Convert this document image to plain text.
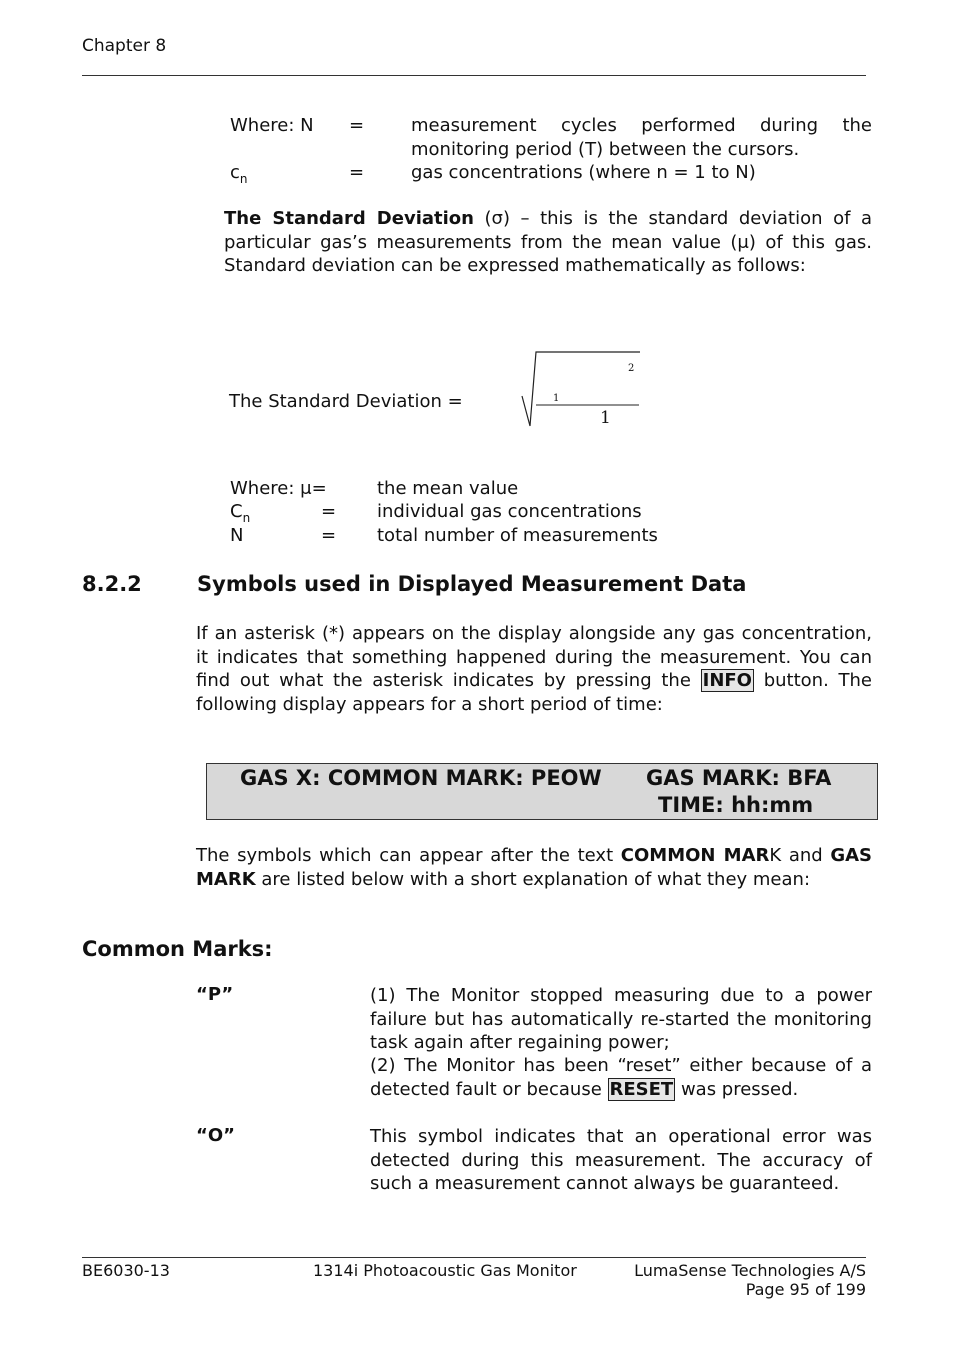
Chapter 8
Where: N =	measurement cycles performed during the monitoring period (T) between the cursors.
$c_n$	=	gas concentrations (where n = 1 to N)
The Standard Deviation (σ) – this is the standard deviation of a particular gas’s measurements from the mean value (μ) of this gas. Standard deviation can be expressed mathematically as follows:
The Standard Deviation =
2
1
1
Where: μ=	the mean value
$C_n$	= individual gas concentrations
N	= total number of measurements
8.2.2	Symbols used in Displayed Measurement Data
If an asterisk (*) appears on the display alongside any gas concentration, it indicates that something happened during the measurement. You can find out what the asterisk indicates by pressing the INFO button. The following display appears for a short period of time:
GAS X: COMMON MARK: PEOW GAS MARK: BFA
TIME: hh:mm
The symbols which can appear after the text COMMON MARK and GAS MARK are listed below with a short explanation of what they mean:
Common Marks:
“P”	(1) The Monitor stopped measuring due to a power failure but has automatically re-started the monitoring task again after regaining power;
(2) The Monitor has been “reset” either because of a detected fault or because RESET was pressed.
“O”	This symbol indicates that an operational error was detected during this measurement. The accuracy of such a measurement cannot always be guaranteed.
BE6030-13	1314i Photoacoustic Gas Monitor	LumaSense Technologies A/S
Page 95 of 199
